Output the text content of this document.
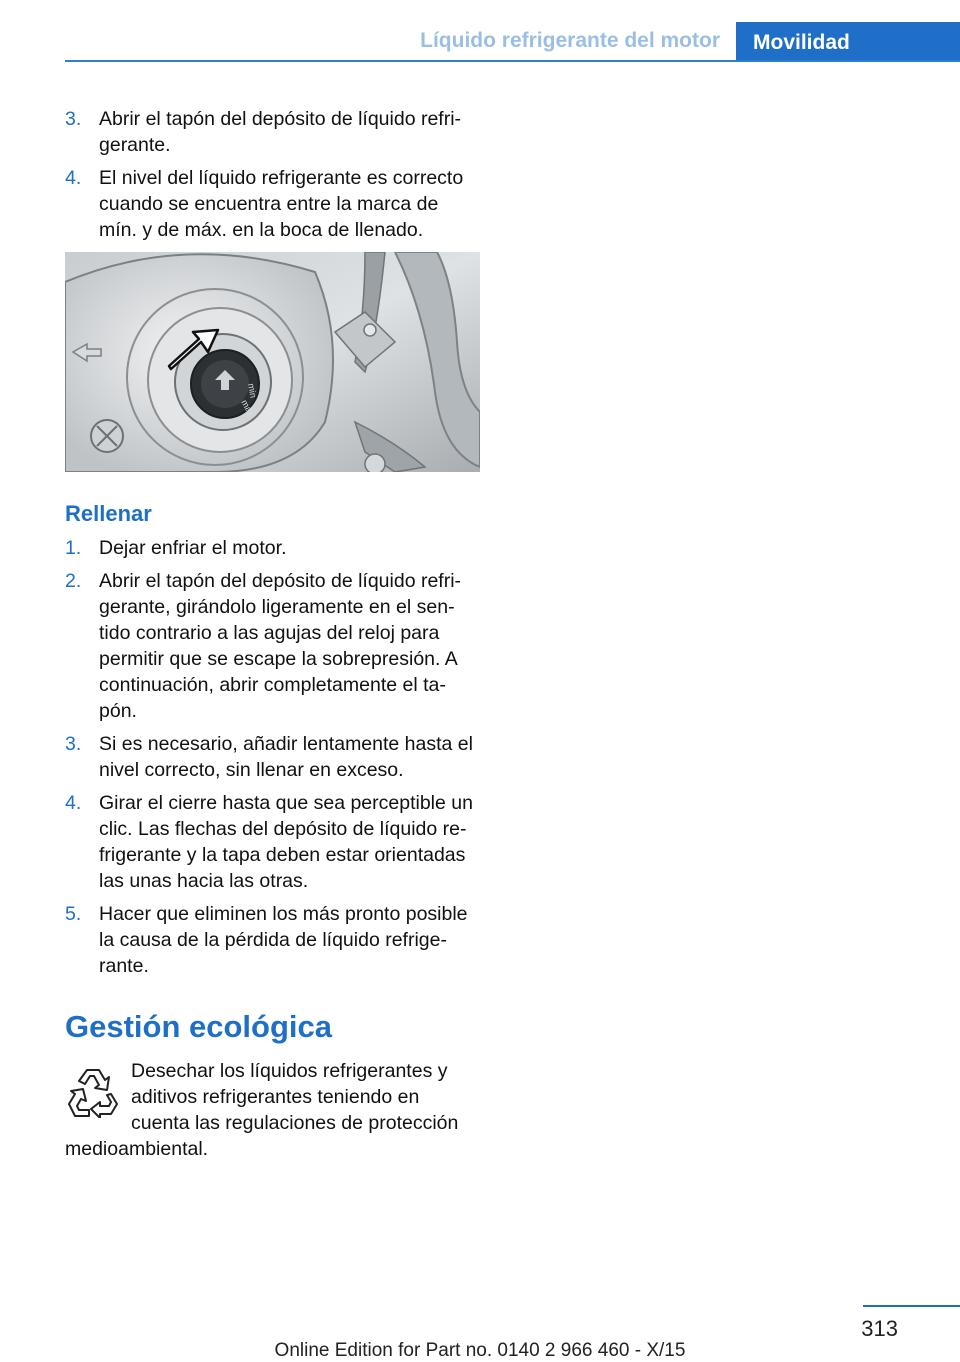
Líquido refrigerante del motor	Movilidad
3. Abrir el tapón del depósito de líquido refri‐gerante.
4. El nivel del líquido refrigerante es correcto cuando se encuentra entre la marca de mín. y de máx. en la boca de llenado.
min
max
Rellenar
1. Dejar enfriar el motor.
2. Abrir el tapón del depósito de líquido refri‐gerante, girándolo ligeramente en el sen‐tido contrario a las agujas del reloj para permitir que se escape la sobrepresión. A continuación, abrir completamente el ta‐pón.
3. Si es necesario, añadir lentamente hasta el nivel correcto, sin llenar en exceso.
4. Girar el cierre hasta que sea perceptible un clic. Las flechas del depósito de líquido re‐frigerante y la tapa deben estar orientadas las unas hacia las otras.
5. Hacer que eliminen los más pronto posible la causa de la pérdida de líquido refrige‐rante.
Gestión ecológica
Desechar los líquidos refrigerantes y
aditivos refrigerantes teniendo en
cuenta las regulaciones de protección
medioambiental.
313
Online Edition for Part no. 0140 2 966 460 - X/15
